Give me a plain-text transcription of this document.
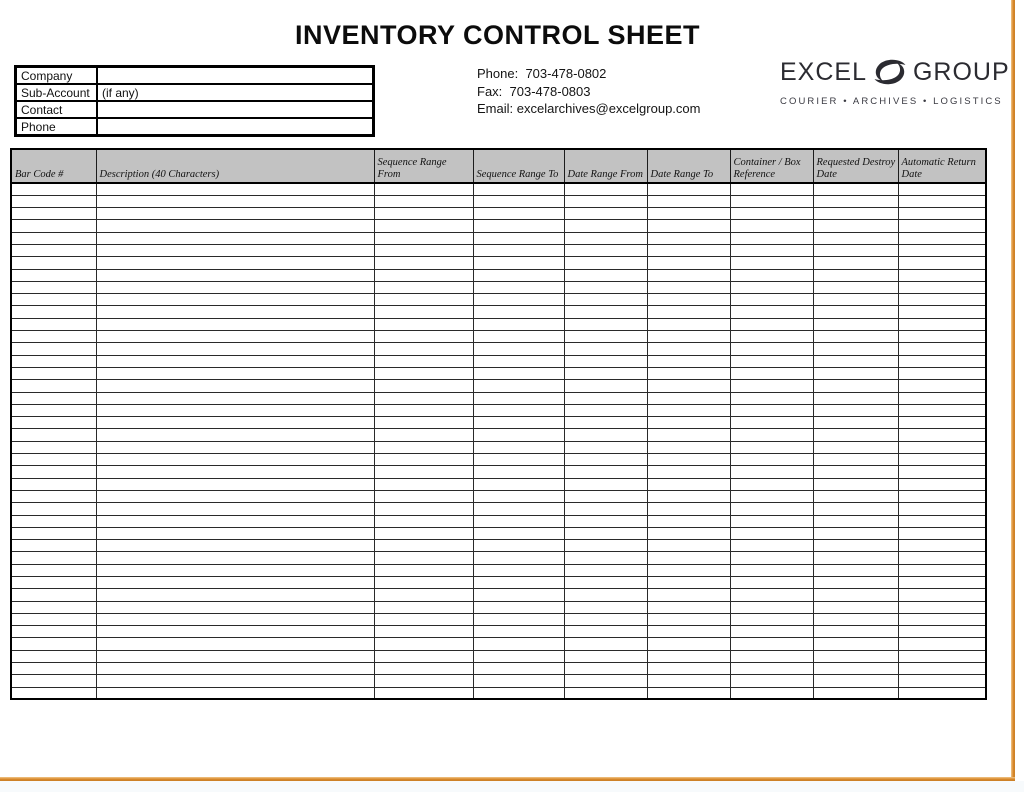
INVENTORY CONTROL SHEET
Company
Sub-Account	(if any)
Contact
Phone
Phone: 703-478-0802
Fax: 703-478-0803
Email: excelarchives@excelgroup.com
EXCEL GROUP
COURIER • ARCHIVES • LOGISTICS
Bar Code #	Description (40 Characters)	Sequence Range From	Sequence Range To	Date Range From	Date Range To	Container / Box Reference	Requested Destroy Date	Automatic Return Date
